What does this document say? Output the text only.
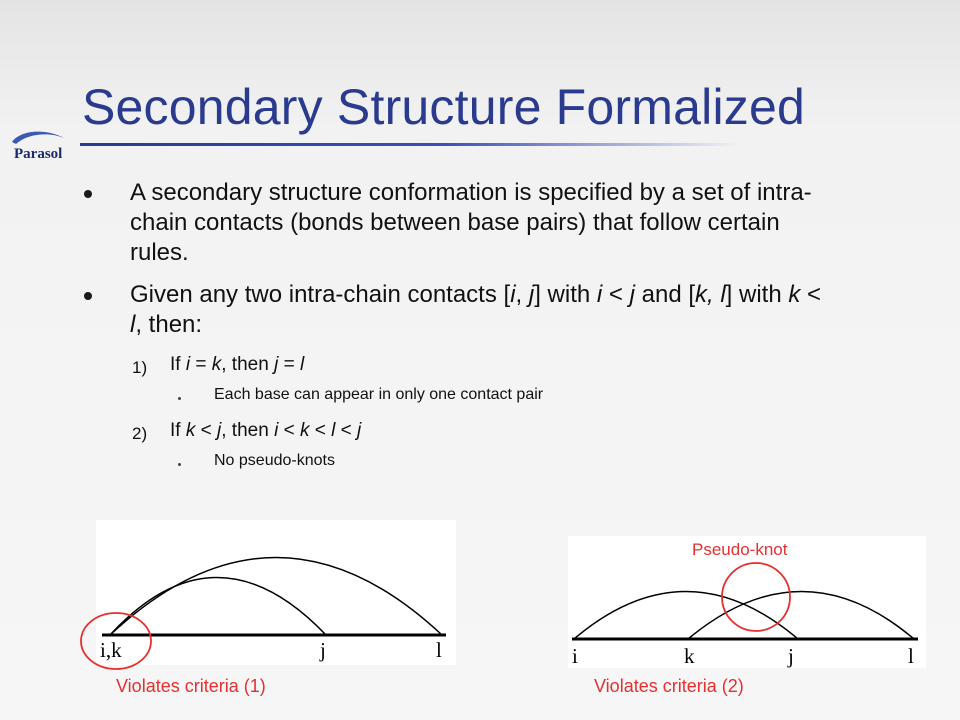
Parasol
Secondary Structure Formalized
A secondary structure conformation is specified by a set of intra-chain contacts (bonds between base pairs) that follow certain rules.
Given any two intra-chain contacts [i, j] with i < j and [k, l] with k < l, then:
1) If i = k, then j = l
Each base can appear in only one contact pair
2) If k < j, then i < k < l < j
No pseudo-knots
i,k	j	l
Violates criteria (1)
i	k	j	l
Pseudo-knot
Violates criteria (2)
